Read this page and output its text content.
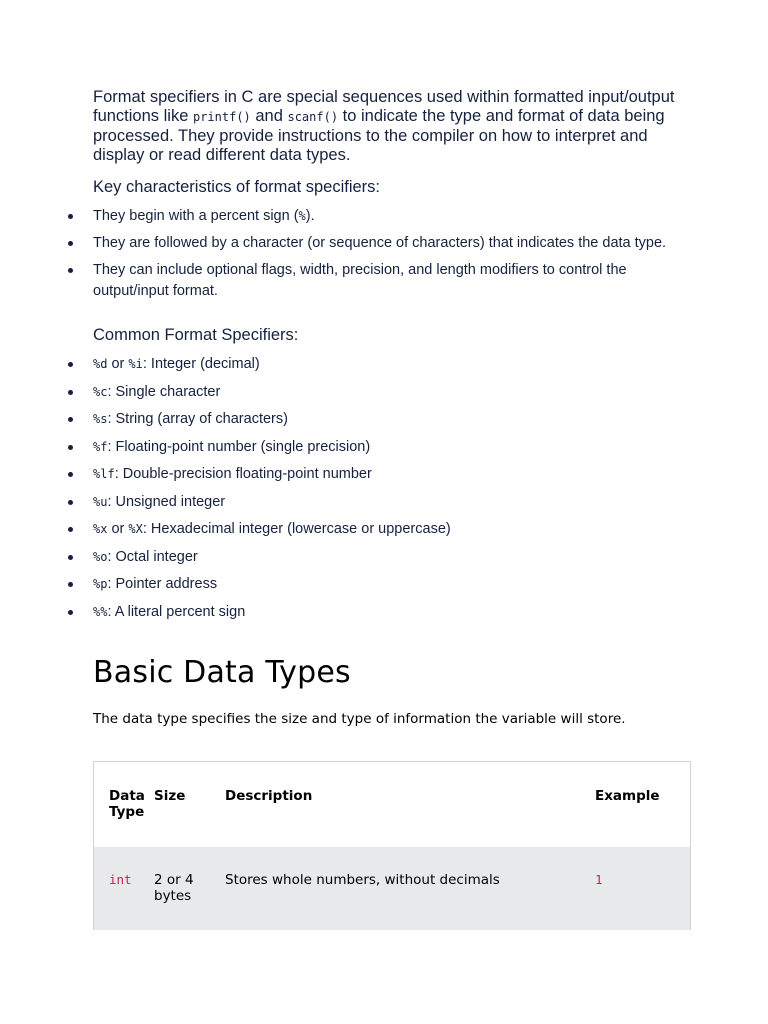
Format specifiers in C are special sequences used within formatted input/output functions like printf() and scanf() to indicate the type and format of data being processed. They provide instructions to the compiler on how to interpret and display or read different data types.

Key characteristics of format specifiers:

They begin with a percent sign (%).
They are followed by a character (or sequence of characters) that indicates the data type.
They can include optional flags, width, precision, and length modifiers to control the output/input format.

Common Format Specifiers:

%d or %i: Integer (decimal)
%c: Single character
%s: String (array of characters)
%f: Floating-point number (single precision)
%lf: Double-precision floating-point number
%u: Unsigned integer
%x or %X: Hexadecimal integer (lowercase or uppercase)
%o: Octal integer
%p: Pointer address
%%: A literal percent sign
Basic Data Types

The data type specifies the size and type of information the variable will store.

Data Type	Size	Description	Example
int	2 or 4 bytes	Stores whole numbers, without decimals	1
